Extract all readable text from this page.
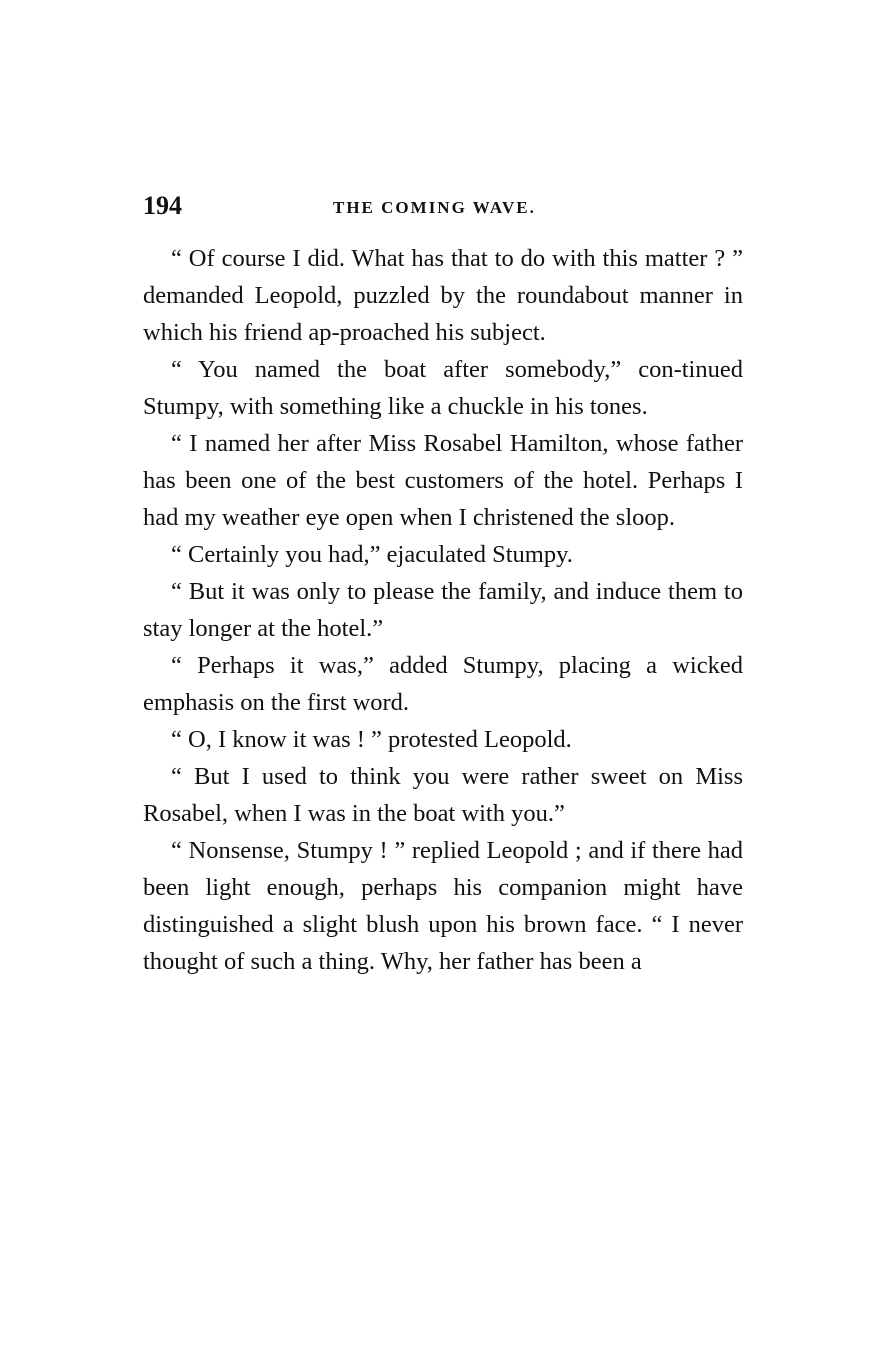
194	THE COMING WAVE.

“ Of course I did. What has that to do with this matter ? ” demanded Leopold, puzzled by the roundabout manner in which his friend ap-proached his subject.

“ You named the boat after somebody,” con-tinued Stumpy, with something like a chuckle in his tones.

“ I named her after Miss Rosabel Hamilton, whose father has been one of the best customers of the hotel. Perhaps I had my weather eye open when I christened the sloop.

“ Certainly you had,” ejaculated Stumpy.

“ But it was only to please the family, and induce them to stay longer at the hotel.”

“ Perhaps it was,” added Stumpy, placing a wicked emphasis on the first word.

“ O, I know it was ! ” protested Leopold.

“ But I used to think you were rather sweet on Miss Rosabel, when I was in the boat with you.”

“ Nonsense, Stumpy ! ” replied Leopold ; and if there had been light enough, perhaps his companion might have distinguished a slight blush upon his brown face. “ I never thought of such a thing. Why, her father has been a
